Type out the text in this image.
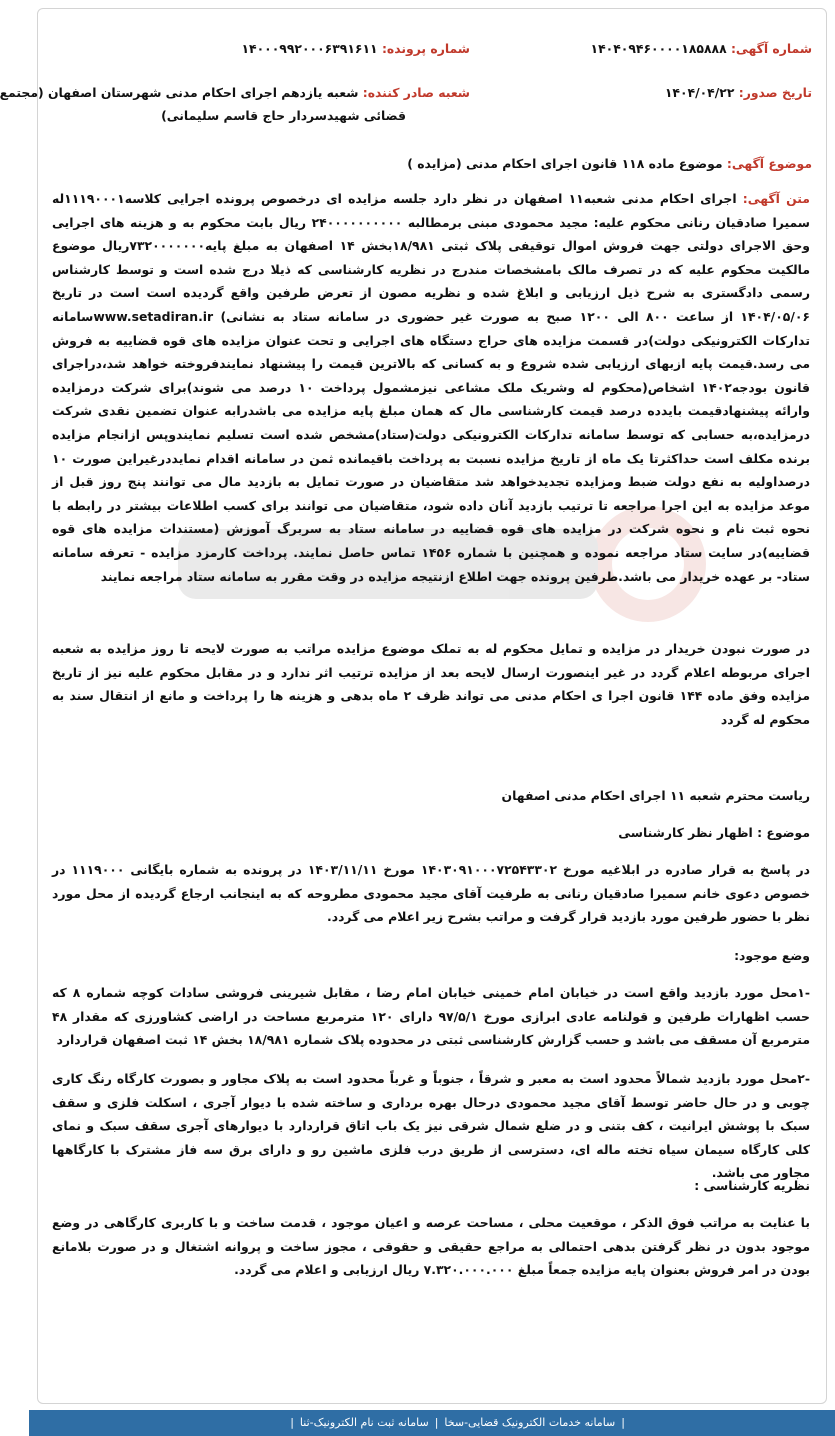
شماره آگهی: ۱۴۰۴۰۹۴۶۰۰۰۰۱۸۵۸۸۸
شماره پرونده: ۱۴۰۰۰۹۹۲۰۰۰۶۳۹۱۶۱۱
تاریخ صدور: ۱۴۰۴/۰۴/۲۲
شعبه صادر کننده: شعبه یازدهم اجرای احکام مدنی شهرستان اصفهان (مجتمع
قضائی شهیدسردار حاج قاسم سلیمانی)
موضوع آگهی: موضوع ماده ۱۱۸ قانون اجرای احکام مدنی (مزایده )

متن آگهی: اجرای احکام مدنی شعبه۱۱ اصفهان در نظر دارد جلسه مزایده ای درخصوص پرونده اجرایی کلاسه۱۱۱۹۰۰۰۱له سمیرا صادقیان رنانی محکوم علیه: مجید محمودی مبنی برمطالبه ۲۴۰۰۰۰۰۰۰۰۰۰ ریال بابت محکوم به و هزینه های اجرایی وحق الاجرای دولتی جهت فروش اموال توقیفی پلاک ثبتی ۱۸/۹۸۱بخش ۱۴ اصفهان به مبلغ پایه۷۳۲۰۰۰۰۰۰۰ریال موضوع مالکیت محکوم علیه که در تصرف مالک بامشخصات مندرج در نظریه کارشناسی که ذیلا درج شده است و توسط کارشناس رسمی دادگستری به شرح ذیل ارزیابی و ابلاغ شده و نظریه مصون از تعرض طرفین واقع گردیده است است در تاریخ ۱۴۰۴/۰۵/۰۶ از ساعت ۸۰۰ الی ۱۲۰۰ صبح به صورت غیر حضوری در سامانه ستاد به نشانی) www.setadiran.irسامانه تدارکات الکترونیکی دولت)در قسمت مزایده های حراج دستگاه های اجرایی و تحت عنوان مزایده های قوه قضاییه به فروش می رسد.قیمت پایه ازبهای ارزیابی شده شروع و به کسانی که بالاترین قیمت را پیشنهاد نمایندفروخته خواهد شد،دراجرای قانون بودجه۱۴۰۲ اشخاص(محکوم له وشریک ملک مشاعی نیزمشمول پرداخت ۱۰ درصد می شوند)برای شرکت درمزایده وارائه پیشنهادقیمت بایدده درصد قیمت کارشناسی مال که همان مبلغ پایه مزایده می باشدرابه عنوان تضمین نقدی شرکت درمزایده،به حسابی که توسط سامانه تدارکات الکترونیکی دولت(ستاد)مشخص شده است تسلیم نمایندوپس ازانجام مزایده برنده مکلف است حداکثرتا یک ماه از تاریخ مزایده نسبت به پرداخت باقیمانده ثمن در سامانه اقدام نمایددرغیراین صورت ۱۰ درصداولیه به نفع دولت ضبط ومزایده تجدیدخواهد شد متقاضیان در صورت تمایل به بازدید مال می توانند پنج روز قبل از موعد مزایده به این اجرا مراجعه تا ترتیب بازدید آنان داده شود، متقاضیان می توانند برای کسب اطلاعات بیشتر در رابطه با نحوه ثبت نام و نحوه شرکت در مزایده های قوه قضاییه در سامانه ستاد به سربرگ آموزش (مستندات مزایده های قوه قضاییه)در سایت ستاد مراجعه نموده و همچنین با شماره ۱۴۵۶ تماس حاصل نمایند. پرداخت کارمزد مزایده - تعرفه سامانه ستاد- بر عهده خریدار می باشد.طرفین پرونده جهت اطلاع ازنتیجه مزایده در وقت مقرر به سامانه ستاد مراجعه نمایند

در صورت نبودن خریدار در مزایده و تمایل محکوم له به تملک موضوع مزایده مراتب به صورت لایحه تا روز مزایده به شعبه اجرای مربوطه اعلام گردد در غیر اینصورت ارسال لایحه بعد از مزایده ترتیب اثر ندارد و در مقابل محکوم علیه نیز از تاریخ مزایده وفق ماده ۱۴۴ قانون اجرا ی احکام مدنی می تواند ظرف ۲ ماه بدهی و هزینه ها را پرداخت و مانع از انتقال سند به محکوم له گردد

ریاست محترم شعبه ۱۱ اجرای احکام مدنی اصفهان

موضوع : اظهار نظر کارشناسی

در پاسخ به قرار صادره در ابلاغیه مورخ ۱۴۰۳۰۹۱۰۰۰۷۲۵۴۳۳۰۲ مورخ ۱۴۰۳/۱۱/۱۱ در پرونده به شماره بایگانی ۱۱۱۹۰۰۰ در خصوص دعوی خانم سمیرا صادقیان رنانی به طرفیت آقای مجید محمودی مطروحه که به اینجانب ارجاع گردیده از محل مورد نظر با حضور طرفین مورد بازدید قرار گرفت و مراتب بشرح زیر اعلام می گردد.

وضع موجود:

-۱محل مورد بازدید واقع است در خیابان امام خمینی خیابان امام رضا ، مقابل شیرینی فروشی سادات کوچه شماره ۸ که حسب اظهارات طرفین و قولنامه عادی ابرازی مورخ ۹۷/۵/۱ دارای ۱۲۰ مترمربع مساحت در اراضی کشاورزی که مقدار ۴۸ مترمربع آن مسقف می باشد و حسب گزارش کارشناسی ثبتی در محدوده پلاک شماره ۱۸/۹۸۱ بخش ۱۴ ثبت اصفهان قراردارد

-۲محل مورد بازدید شمالاً محدود است به معبر و شرقاً ، جنوباً و غرباً محدود است به پلاک مجاور و بصورت کارگاه رنگ کاری چوبی و در حال حاضر توسط آقای مجید محمودی درحال بهره برداری و ساخته شده با دیوار آجری ، اسکلت فلزی و سقف سبک با پوشش ایرانیت ، کف بتنی و در ضلع شمال شرقی نیز یک باب اتاق قراردارد با دیوارهای آجری سقف سبک و نمای کلی کارگاه سیمان سیاه تخته ماله ای، دسترسی از طریق درب فلزی ماشین رو و دارای برق سه فاز مشترک با کارگاهها مجاور می باشد.

نظریه کارشناسی :

با عنایت به مراتب فوق الذکر ، موقعیت محلی ، مساحت عرصه و اعیان موجود ، قدمت ساخت و با کاربری کارگاهی در وضع موجود بدون در نظر گرفتن بدهی احتمالی به مراجع حقیقی و حقوقی ، مجوز ساخت و پروانه اشتغال و در صورت بلامانع بودن در امر فروش بعنوان پایه مزایده جمعاً مبلغ ۷.۳۲۰.۰۰۰.۰۰۰ ریال ارزیابی و اعلام می گردد.

|
سامانه خدمات الکترونیک قضایی-سخا
|
سامانه ثبت نام الکترونیک-ثنا
|
